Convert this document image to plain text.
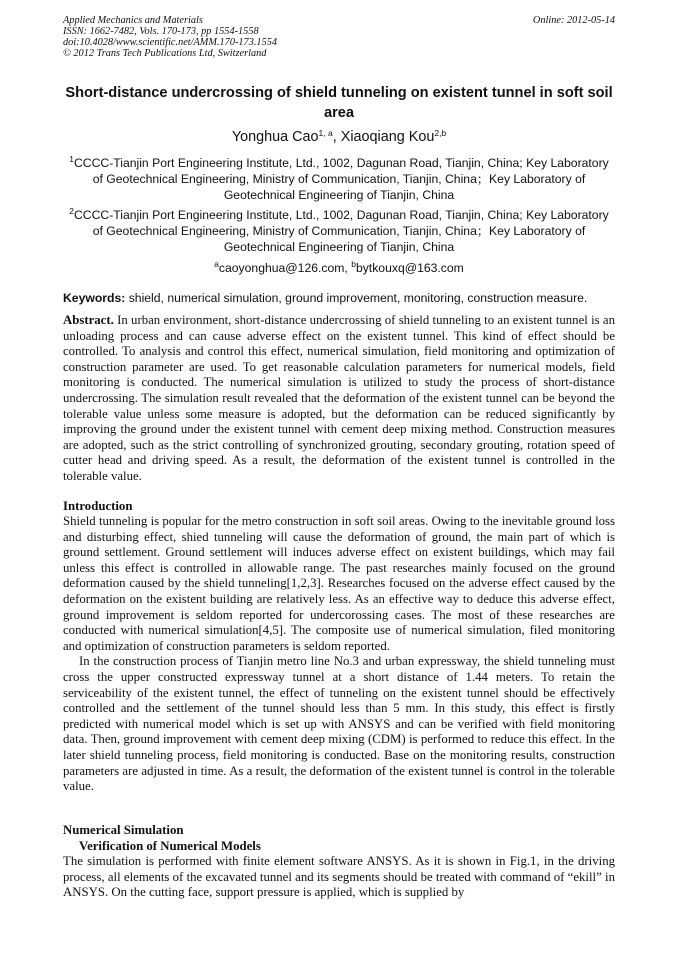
Applied Mechanics and Materials
ISSN: 1662-7482, Vols. 170-173, pp 1554-1558
doi:10.4028/www.scientific.net/AMM.170-173.1554
© 2012 Trans Tech Publications Ltd, Switzerland
Online: 2012-05-14
Short-distance undercrossing of shield tunneling on existent tunnel in soft soil area
Yonghua Cao$^{1, a}$, Xiaoqiang Kou$^{2,b}$
$^1$CCCC-Tianjin Port Engineering Institute, Ltd., 1002, Dagunan Road, Tianjin, China; Key Laboratory of Geotechnical Engineering, Ministry of Communication, Tianjin, China；Key Laboratory of Geotechnical Engineering of Tianjin, China
$^2$CCCC-Tianjin Port Engineering Institute, Ltd., 1002, Dagunan Road, Tianjin, China; Key Laboratory of Geotechnical Engineering, Ministry of Communication, Tianjin, China；Key Laboratory of Geotechnical Engineering of Tianjin, China
$^a$caoyonghua@126.com, $^b$bytkouxq@163.com
Keywords: shield, numerical simulation, ground improvement, monitoring, construction measure.
Abstract. In urban environment, short-distance undercrossing of shield tunneling to an existent tunnel is an unloading process and can cause adverse effect on the existent tunnel. This kind of effect should be controlled. To analysis and control this effect, numerical simulation, field monitoring and optimization of construction parameter are used. To get reasonable calculation parameters for numerical models, field monitoring is conducted. The numerical simulation is utilized to study the process of short-distance undercrossing. The simulation result revealed that the deformation of the existent tunnel can be beyond the tolerable value unless some measure is adopted, but the deformation can be reduced significantly by improving the ground under the existent tunnel with cement deep mixing method. Construction measures are adopted, such as the strict controlling of synchronized grouting, secondary grouting, rotation speed of cutter head and driving speed. As a result, the deformation of the existent tunnel is controlled in the tolerable value.
Introduction

Shield tunneling is popular for the metro construction in soft soil areas. Owing to the inevitable ground loss and disturbing effect, shied tunneling will cause the deformation of ground, the main part of which is ground settlement. Ground settlement will induces adverse effect on existent buildings, which may fail unless this effect is controlled in allowable range. The past researches mainly focused on the ground deformation caused by the shield tunneling[1,2,3]. Researches focused on the adverse effect caused by the deformation on the existent building are relatively less. As an effective way to deduce this adverse effect, ground improvement is seldom reported for undercorossing cases. The most of these researches are conducted with numerical simulation[4,5]. The composite use of numerical simulation, filed monitoring and optimization of construction parameters is seldom reported.

In the construction process of Tianjin metro line No.3 and urban expressway, the shield tunneling must cross the upper constructed expressway tunnel at a short distance of 1.44 meters. To retain the serviceability of the existent tunnel, the effect of tunneling on the existent tunnel should be effectively controlled and the settlement of the tunnel should less than 5 mm. In this study, this effect is firstly predicted with numerical model which is set up with ANSYS and can be verified with field monitoring data. Then, ground improvement with cement deep mixing (CDM) is performed to reduce this effect. In the later shield tunneling process, field monitoring is conducted. Base on the monitoring results, construction parameters are adjusted in time. As a result, the deformation of the existent tunnel is control in the tolerable value.

Numerical Simulation
Verification of Numerical Models

The simulation is performed with finite element software ANSYS. As it is shown in Fig.1, in the driving process, all elements of the excavated tunnel and its segments should be treated with command of “ekill” in ANSYS. On the cutting face, support pressure is applied, which is supplied by
